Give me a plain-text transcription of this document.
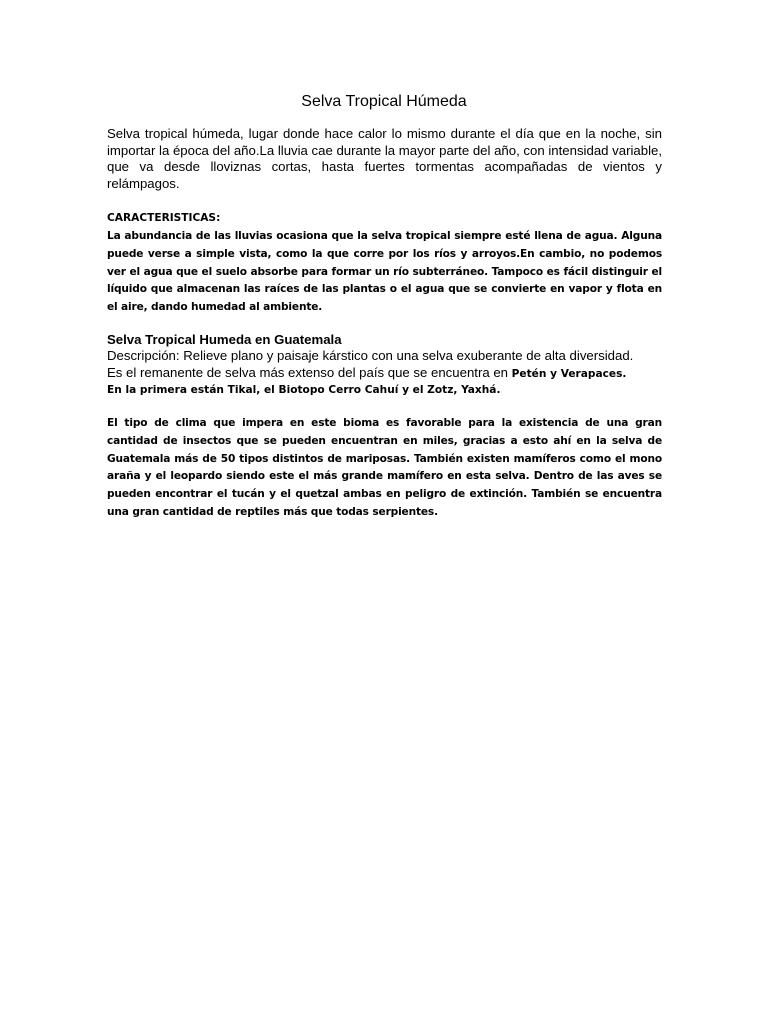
Selva Tropical Húmeda
Selva tropical húmeda, lugar donde hace calor lo mismo durante el día que en la noche, sin importar la época del año.La lluvia cae durante la mayor parte del año, con intensidad variable, que va desde lloviznas cortas, hasta fuertes tormentas acompañadas de vientos y relámpagos.
CARACTERISTICAS:
La abundancia de las lluvias ocasiona que la selva tropical siempre esté llena de agua. Alguna puede verse a simple vista, como la que corre por los ríos y arroyos.En cambio, no podemos ver el agua que el suelo absorbe para formar un río subterráneo. Tampoco es fácil distinguir el líquido que almacenan las raíces de las plantas o el agua que se convierte en vapor y flota en el aire, dando humedad al ambiente.
Selva Tropical Humeda en Guatemala
Descripción: Relieve plano y paisaje kárstico con una selva exuberante de alta diversidad.
Es el remanente de selva más extenso del país que se encuentra en Petén y Verapaces.
En la primera están Tikal, el Biotopo Cerro Cahuí y el Zotz, Yaxhá.
El tipo de clima que impera en este bioma es favorable para la existencia de una gran cantidad de insectos que se pueden encuentran en miles, gracias a esto ahí en la selva de Guatemala más de 50 tipos distintos de mariposas. También existen mamíferos como el mono araña y el leopardo siendo este el más grande mamífero en esta selva. Dentro de las aves se pueden encontrar el tucán y el quetzal ambas en peligro de extinción. También se encuentra una gran cantidad de reptiles más que todas serpientes.
